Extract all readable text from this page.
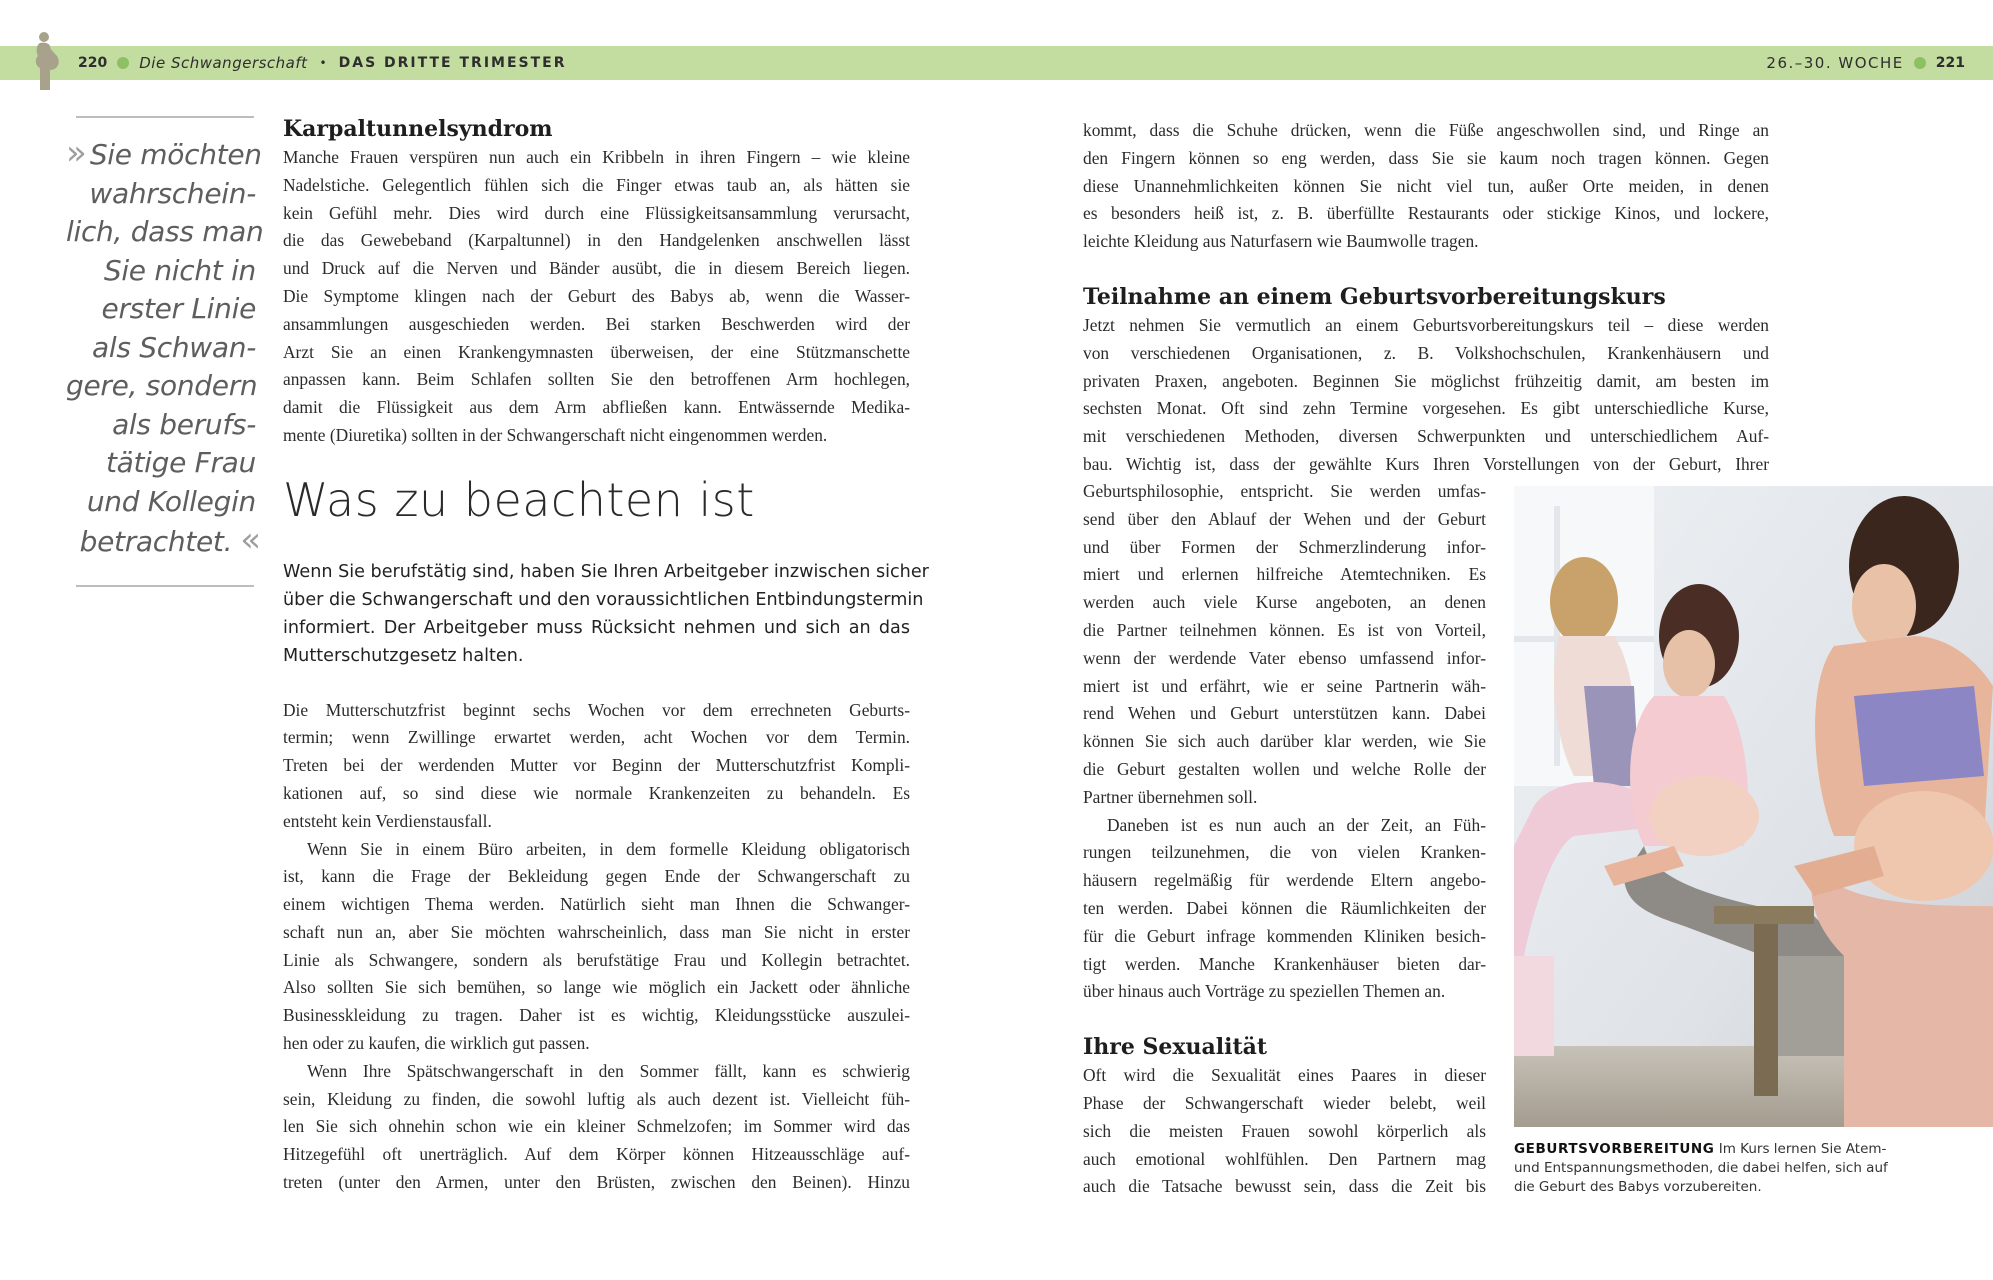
220 Die Schwangerschaft • DAS DRITTE TRIMESTER	26.–30. WOCHE 221
» Sie möchten
wahrschein-
lich, dass man
Sie nicht in
erster Linie
als Schwan-
gere, sondern
als berufs-
tätige Frau
und Kollegin
betrachtet. «
Karpaltunnelsyndrom
Manche Frauen verspüren nun auch ein Kribbeln in ihren Fingern – wie kleine
Nadelstiche. Gelegentlich fühlen sich die Finger etwas taub an, als hätten sie
kein Gefühl mehr. Dies wird durch eine Flüssigkeitsansammlung verursacht,
die das Gewebeband (Karpaltunnel) in den Handgelenken anschwellen lässt
und Druck auf die Nerven und Bänder ausübt, die in diesem Bereich liegen.
Die Symptome klingen nach der Geburt des Babys ab, wenn die Wasser-
ansammlungen ausgeschieden werden. Bei starken Beschwerden wird der
Arzt Sie an einen Krankengymnasten überweisen, der eine Stützmanschette
anpassen kann. Beim Schlafen sollten Sie den betroffenen Arm hochlegen,
damit die Flüssigkeit aus dem Arm abfließen kann. Entwässernde Medika-
mente (Diuretika) sollten in der Schwangerschaft nicht eingenommen werden.
Was zu beachten ist
Wenn Sie berufstätig sind, haben Sie Ihren Arbeitgeber inzwischen sicher
über die Schwangerschaft und den voraussichtlichen Entbindungstermin
informiert. Der Arbeitgeber muss Rücksicht nehmen und sich an das
Mutterschutzgesetz halten.
Die Mutterschutzfrist beginnt sechs Wochen vor dem errechneten Geburts-
termin; wenn Zwillinge erwartet werden, acht Wochen vor dem Termin.
Treten bei der werdenden Mutter vor Beginn der Mutterschutzfrist Kompli-
kationen auf, so sind diese wie normale Krankenzeiten zu behandeln. Es
entsteht kein Verdienstausfall.
Wenn Sie in einem Büro arbeiten, in dem formelle Kleidung obligatorisch
ist, kann die Frage der Bekleidung gegen Ende der Schwangerschaft zu
einem wichtigen Thema werden. Natürlich sieht man Ihnen die Schwanger-
schaft nun an, aber Sie möchten wahrscheinlich, dass man Sie nicht in erster
Linie als Schwangere, sondern als berufstätige Frau und Kollegin betrachtet.
Also sollten Sie sich bemühen, so lange wie möglich ein Jackett oder ähnliche
Businesskleidung zu tragen. Daher ist es wichtig, Kleidungsstücke auszulei-
hen oder zu kaufen, die wirklich gut passen.
Wenn Ihre Spätschwangerschaft in den Sommer fällt, kann es schwierig
sein, Kleidung zu finden, die sowohl luftig als auch dezent ist. Vielleicht füh-
len Sie sich ohnehin schon wie ein kleiner Schmelzofen; im Sommer wird das
Hitzegefühl oft unerträglich. Auf dem Körper können Hitzeausschläge auf-
treten (unter den Armen, unter den Brüsten, zwischen den Beinen). Hinzu
kommt, dass die Schuhe drücken, wenn die Füße angeschwollen sind, und Ringe an
den Fingern können so eng werden, dass Sie sie kaum noch tragen können. Gegen
diese Unannehmlichkeiten können Sie nicht viel tun, außer Orte meiden, in denen
es besonders heiß ist, z. B. überfüllte Restaurants oder stickige Kinos, und lockere,
leichte Kleidung aus Naturfasern wie Baumwolle tragen.
Teilnahme an einem Geburtsvorbereitungskurs
Jetzt nehmen Sie vermutlich an einem Geburtsvorbereitungskurs teil – diese werden
von verschiedenen Organisationen, z. B. Volkshochschulen, Krankenhäusern und
privaten Praxen, angeboten. Beginnen Sie möglichst frühzeitig damit, am besten im
sechsten Monat. Oft sind zehn Termine vorgesehen. Es gibt unterschiedliche Kurse,
mit verschiedenen Methoden, diversen Schwerpunkten und unterschiedlichem Auf-
bau. Wichtig ist, dass der gewählte Kurs Ihren Vorstellungen von der Geburt, Ihrer
Geburtsphilosophie, entspricht. Sie werden umfas-
send über den Ablauf der Wehen und der Geburt
und über Formen der Schmerzlinderung infor-
miert und erlernen hilfreiche Atemtechniken. Es
werden auch viele Kurse angeboten, an denen
die Partner teilnehmen können. Es ist von Vorteil,
wenn der werdende Vater ebenso umfassend infor-
miert ist und erfährt, wie er seine Partnerin wäh-
rend Wehen und Geburt unterstützen kann. Dabei
können Sie sich auch darüber klar werden, wie Sie
die Geburt gestalten wollen und welche Rolle der
Partner übernehmen soll.
Daneben ist es nun auch an der Zeit, an Füh-
rungen teilzunehmen, die von vielen Kranken-
häusern regelmäßig für werdende Eltern angebo-
ten werden. Dabei können die Räumlichkeiten der
für die Geburt infrage kommenden Kliniken besich-
tigt werden. Manche Krankenhäuser bieten dar-
über hinaus auch Vorträge zu speziellen Themen an.
Ihre Sexualität
Oft wird die Sexualität eines Paares in dieser
Phase der Schwangerschaft wieder belebt, weil
sich die meisten Frauen sowohl körperlich als
auch emotional wohlfühlen. Den Partnern mag
auch die Tatsache bewusst sein, dass die Zeit bis
GEBURTSVORBEREITUNG Im Kurs lernen Sie Atem-
und Entspannungsmethoden, die dabei helfen, sich auf
die Geburt des Babys vorzubereiten.
